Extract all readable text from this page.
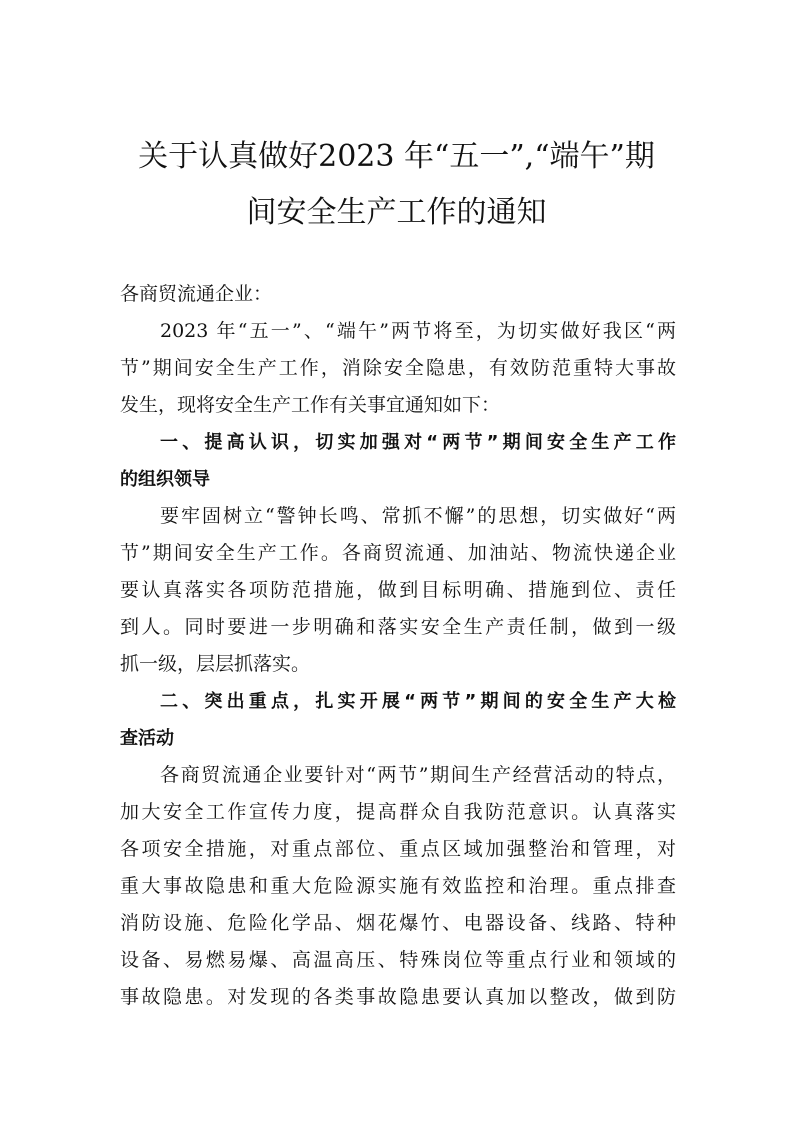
关于认真做好2023 年“五一”,“端午”期
间安全生产工作的通知
各商贸流通企业：
2023 年“五一”、“端午”两节将至，为切实做好我区“两
节”期间安全生产工作，消除安全隐患，有效防范重特大事故
发生，现将安全生产工作有关事宜通知如下：
一、提高认识，切实加强对“两节”期间安全生产工作
的组织领导
要牢固树立“警钟长鸣、常抓不懈”的思想，切实做好“两
节”期间安全生产工作。各商贸流通、加油站、物流快递企业
要认真落实各项防范措施，做到目标明确、措施到位、责任
到人。同时要进一步明确和落实安全生产责任制，做到一级
抓一级，层层抓落实。
二、突出重点，扎实开展“两节”期间的安全生产大检
查活动
各商贸流通企业要针对“两节”期间生产经营活动的特点，
加大安全工作宣传力度，提高群众自我防范意识。认真落实
各项安全措施，对重点部位、重点区域加强整治和管理，对
重大事故隐患和重大危险源实施有效监控和治理。重点排查
消防设施、危险化学品、烟花爆竹、电器设备、线路、特种
设备、易燃易爆、高温高压、特殊岗位等重点行业和领域的
事故隐患。对发现的各类事故隐患要认真加以整改，做到防
